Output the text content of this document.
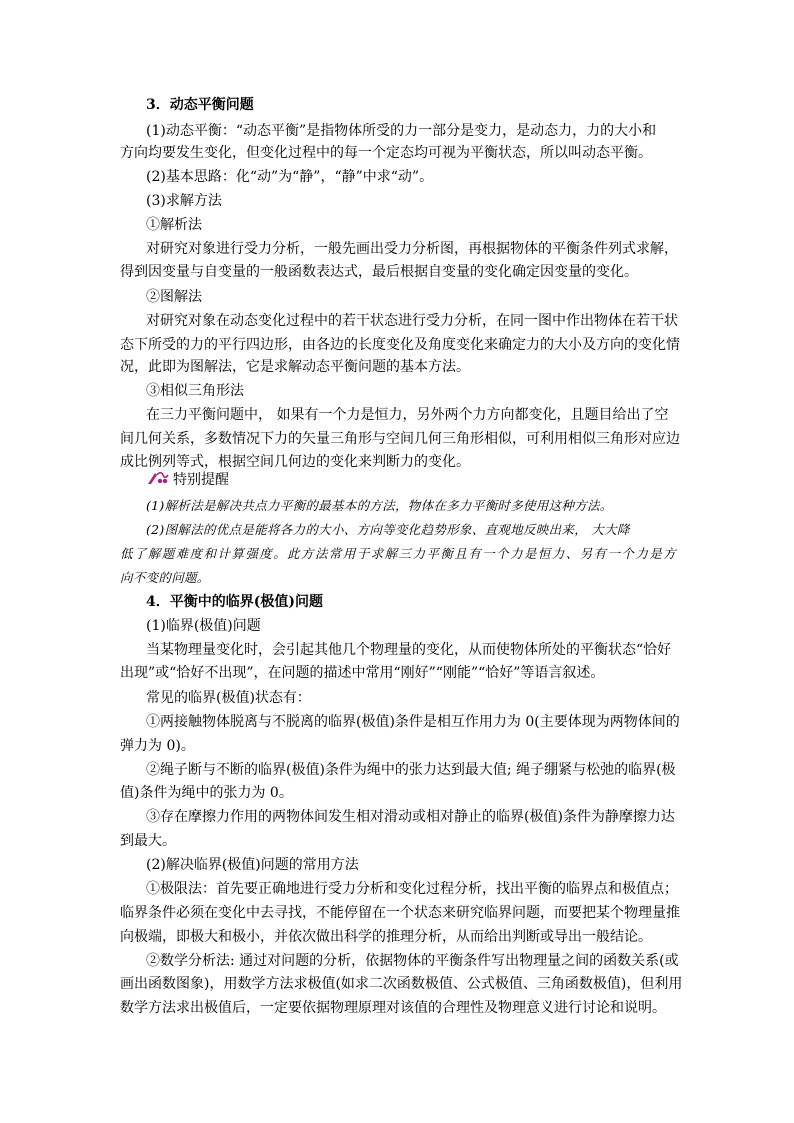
3．动态平衡问题
(1)动态平衡：“动态平衡”是指物体所受的力一部分是变力，是动态力，力的大小和
方向均要发生变化，但变化过程中的每一个定态均可视为平衡状态，所以叫动态平衡。
(2)基本思路：化“动”为“静”，“静”中求“动”。
(3)求解方法
①解析法
对研究对象进行受力分析，一般先画出受力分析图，再根据物体的平衡条件列式求解，
得到因变量与自变量的一般函数表达式，最后根据自变量的变化确定因变量的变化。
②图解法
对研究对象在动态变化过程中的若干状态进行受力分析，在同一图中作出物体在若干状
态下所受的力的平行四边形，由各边的长度变化及角度变化来确定力的大小及方向的变化情
况，此即为图解法，它是求解动态平衡问题的基本方法。
③相似三角形法
在三力平衡问题中， 如果有一个力是恒力，另外两个力方向都变化，且题目给出了空
间几何关系，多数情况下力的矢量三角形与空间几何三角形相似，可利用相似三角形对应边
成比例列等式，根据空间几何边的变化来判断力的变化。
特别提醒
(1)解析法是解决共点力平衡的最基本的方法，物体在多力平衡时多使用这种方法。
(2)图解法的优点是能将各力的大小、方向等变化趋势形象、直观地反映出来， 大大降
低了解题难度和计算强度。此方法常用于求解三力平衡且有一个力是恒力、另有一个力是方
向不变的问题。
4．平衡中的临界(极值)问题
(1)临界(极值)问题
当某物理量变化时，会引起其他几个物理量的变化，从而使物体所处的平衡状态“恰好
出现”或“恰好不出现”，在问题的描述中常用“刚好”“刚能”“恰好”等语言叙述。
常见的临界(极值)状态有：
①两接触物体脱离与不脱离的临界(极值)条件是相互作用力为 0(主要体现为两物体间的
弹力为 0)。
②绳子断与不断的临界(极值)条件为绳中的张力达到最大值; 绳子绷紧与松弛的临界(极
值)条件为绳中的张力为 0。
③存在摩擦力作用的两物体间发生相对滑动或相对静止的临界(极值)条件为静摩擦力达
到最大。
(2)解决临界(极值)问题的常用方法
①极限法：首先要正确地进行受力分析和变化过程分析，找出平衡的临界点和极值点；
临界条件必须在变化中去寻找，不能停留在一个状态来研究临界问题，而要把某个物理量推
向极端，即极大和极小，并依次做出科学的推理分析，从而给出判断或导出一般结论。
②数学分析法: 通过对问题的分析，依据物体的平衡条件写出物理量之间的函数关系(或
画出函数图象)，用数学方法求极值(如求二次函数极值、公式极值、三角函数极值)，但利用
数学方法求出极值后，一定要依据物理原理对该值的合理性及物理意义进行讨论和说明。
